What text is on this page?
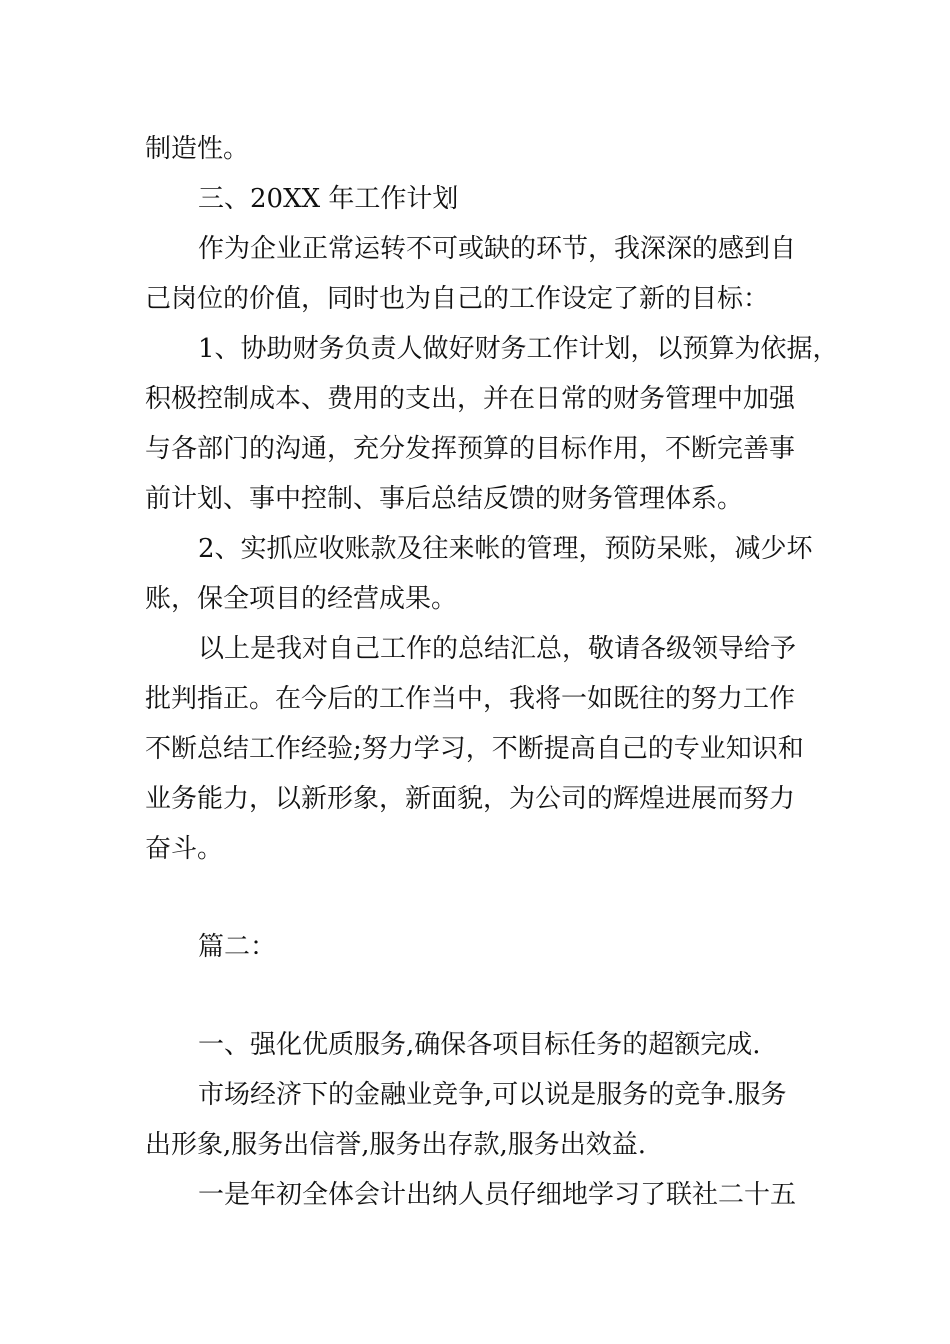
制造性。
三、20XX 年工作计划
作为企业正常运转不可或缺的环节，我深深的感到自
己岗位的价值，同时也为自己的工作设定了新的目标：
1、协助财务负责人做好财务工作计划，以预算为依据，
积极控制成本、费用的支出，并在日常的财务管理中加强
与各部门的沟通，充分发挥预算的目标作用，不断完善事
前计划、事中控制、事后总结反馈的财务管理体系。
2、实抓应收账款及往来帐的管理，预防呆账，减少坏
账，保全项目的经营成果。
以上是我对自己工作的总结汇总，敬请各级领导给予
批判指正。在今后的工作当中，我将一如既往的努力工作
不断总结工作经验;努力学习，不断提高自己的专业知识和
业务能力，以新形象，新面貌，为公司的辉煌进展而努力
奋斗。
篇二：
一、强化优质服务,确保各项目标任务的超额完成.
市场经济下的金融业竞争,可以说是服务的竞争.服务
出形象,服务出信誉,服务出存款,服务出效益.
一是年初全体会计出纳人员仔细地学习了联社二十五
